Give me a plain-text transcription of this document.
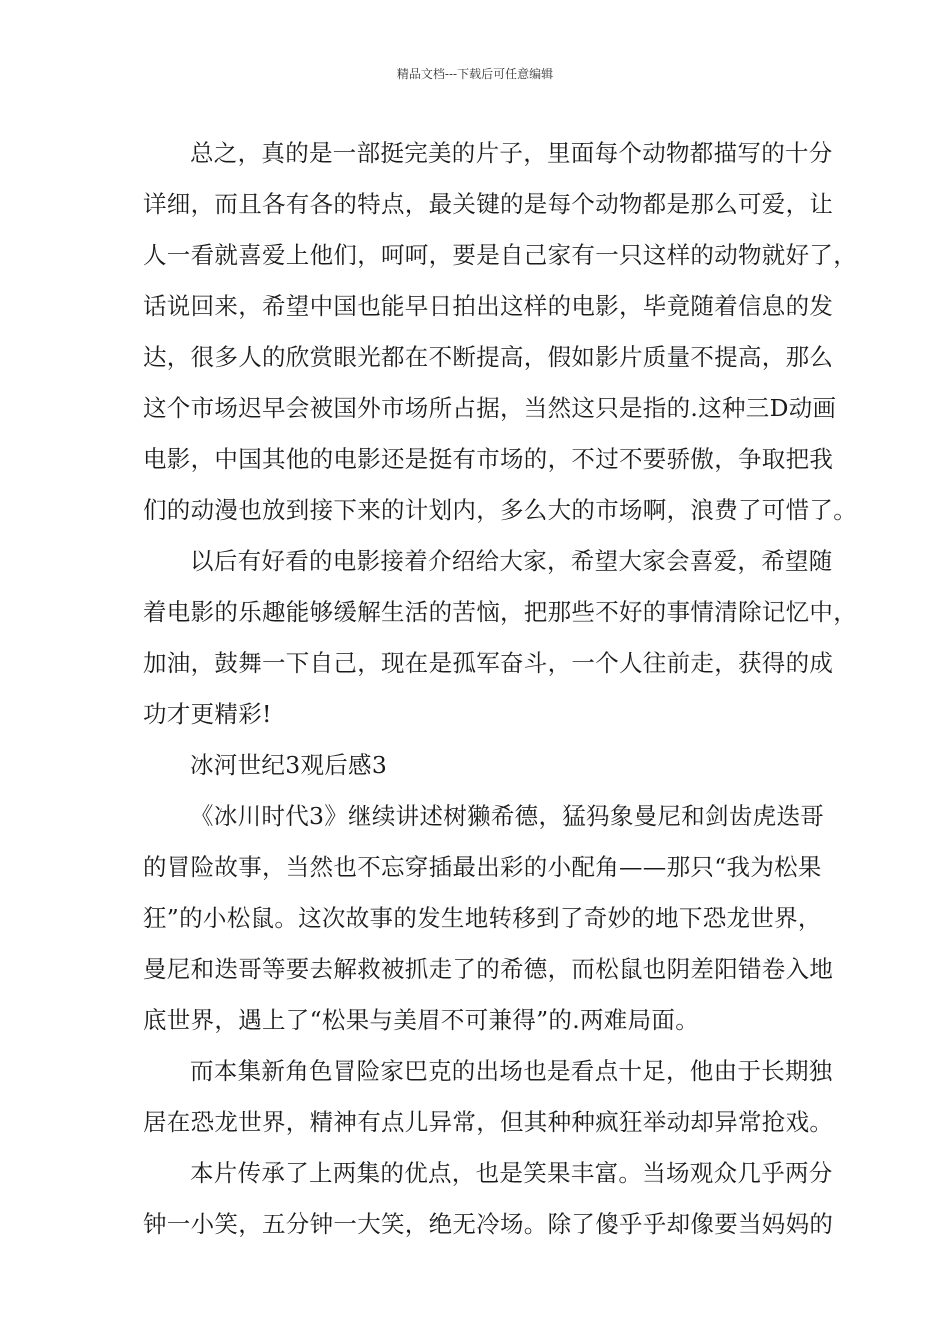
精品文档---下载后可任意编辑
总之，真的是一部挺完美的片子，里面每个动物都描写的十分
详细，而且各有各的特点，最关键的是每个动物都是那么可爱，让
人一看就喜爱上他们，呵呵，要是自己家有一只这样的动物就好了，
话说回来，希望中国也能早日拍出这样的电影，毕竟随着信息的发
达，很多人的欣赏眼光都在不断提高，假如影片质量不提高，那么
这个市场迟早会被国外市场所占据，当然这只是指的.这种三D动画
电影，中国其他的电影还是挺有市场的，不过不要骄傲，争取把我
们的动漫也放到接下来的计划内，多么大的市场啊，浪费了可惜了。
以后有好看的电影接着介绍给大家，希望大家会喜爱，希望随
着电影的乐趣能够缓解生活的苦恼，把那些不好的事情清除记忆中，
加油，鼓舞一下自己，现在是孤军奋斗，一个人往前走，获得的成
功才更精彩!
冰河世纪3观后感3
《冰川时代3》继续讲述树獭希德，猛犸象曼尼和剑齿虎迭哥
的冒险故事，当然也不忘穿插最出彩的小配角——那只“我为松果
狂”的小松鼠。这次故事的发生地转移到了奇妙的地下恐龙世界，
曼尼和迭哥等要去解救被抓走了的希德，而松鼠也阴差阳错卷入地
底世界，遇上了“松果与美眉不可兼得”的.两难局面。
而本集新角色冒险家巴克的出场也是看点十足，他由于长期独
居在恐龙世界，精神有点儿异常，但其种种疯狂举动却异常抢戏。
本片传承了上两集的优点，也是笑果丰富。当场观众几乎两分
钟一小笑，五分钟一大笑，绝无冷场。除了傻乎乎却像要当妈妈的
